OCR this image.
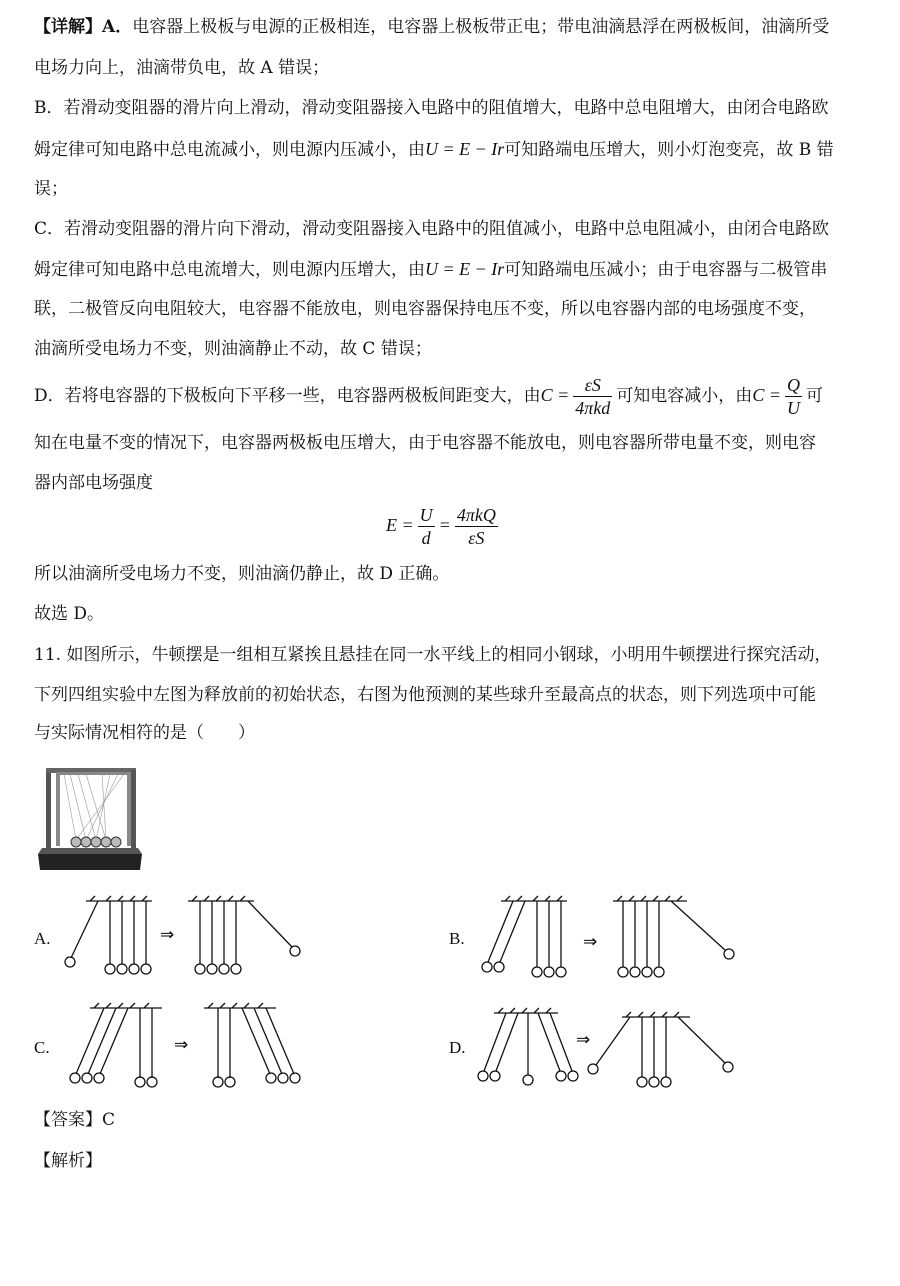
【详解】A．电容器上极板与电源的正极相连，电容器上极板带正电；带电油滴悬浮在两极板间，油滴所受
电场力向上，油滴带负电，故 A 错误；
B．若滑动变阻器的滑片向上滑动，滑动变阻器接入电路中的阻值增大，电路中总电阻增大，由闭合电路欧
姆定律可知电路中总电流减小，则电源内压减小，由U = E − Ir可知路端电压增大，则小灯泡变亮，故 B 错
误；
C．若滑动变阻器的滑片向下滑动，滑动变阻器接入电路中的阻值减小，电路中总电阻减小，由闭合电路欧
姆定律可知电路中总电流增大，则电源内压增大，由U = E − Ir可知路端电压减小；由于电容器与二极管串
联，二极管反向电阻较大，电容器不能放电，则电容器保持电压不变，所以电容器内部的电场强度不变，
油滴所受电场力不变，则油滴静止不动，故 C 错误；
D．若将电容器的下极板向下平移一些，电容器两极板间距变大，由$C = \frac{\varepsilon S}{\text{4πkd}}$ 可知电容减小，由$C = \frac{Q}{U}$ 可
知在电量不变的情况下，电容器两极板电压增大，由于电容器不能放电，则电容器所带电量不变，则电容
器内部电场强度
$E = \frac{U}{d} = \frac{\text{4πkQ}}{\varepsilon S}$
所以油滴所受电场力不变，则油滴仍静止，故 D 正确。
故选 D。
11. 如图所示，牛顿摆是一组相互紧挨且悬挂在同一水平线上的相同小钢球，小明用牛顿摆进行探究活动，
下列四组实验中左图为释放前的初始状态，右图为他预测的某些球升至最高点的状态，则下列选项中可能
与实际情况相符的是（　　）
A.	B.
C.	D.
⇒	⇒
⇒	⇒
【答案】C
【解析】
